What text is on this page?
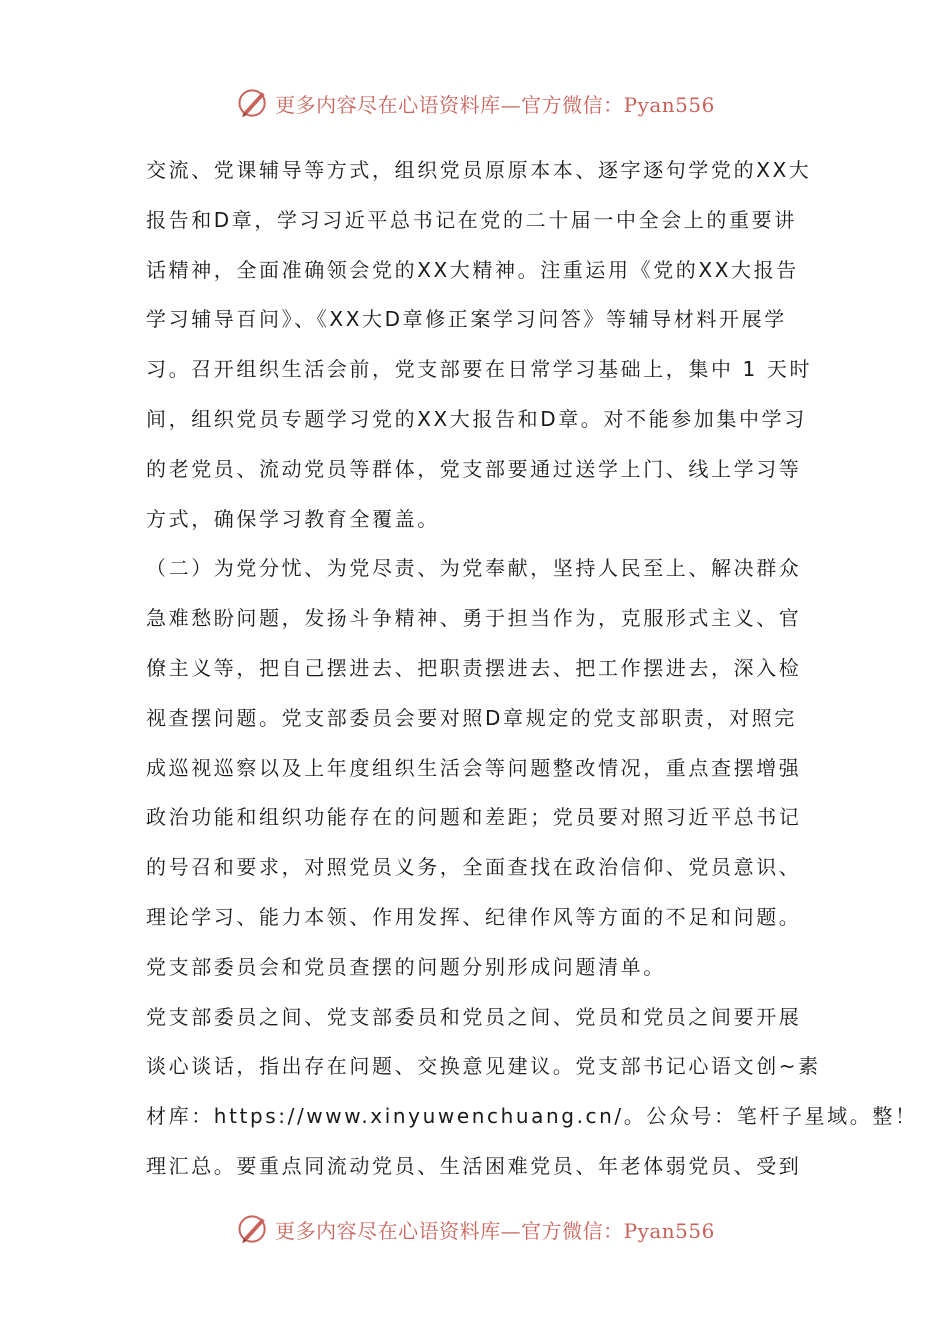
更多内容尽在心语资料库—官方微信：Pyan556
交流、党课辅导等方式，组织党员原原本本、逐字逐句学党的XX大
报告和D章，学习习近平总书记在党的二十届一中全会上的重要讲
话精神，全面准确领会党的XX大精神。注重运用《党的XX大报告
学习辅导百问》、《XX大D章修正案学习问答》等辅导材料开展学
习。召开组织生活会前，党支部要在日常学习基础上，集中 1 天时
间，组织党员专题学习党的XX大报告和D章。对不能参加集中学习
的老党员、流动党员等群体，党支部要通过送学上门、线上学习等
方式，确保学习教育全覆盖。
（二）为党分忧、为党尽责、为党奉献，坚持人民至上、解决群众
急难愁盼问题，发扬斗争精神、勇于担当作为，克服形式主义、官
僚主义等，把自己摆进去、把职责摆进去、把工作摆进去，深入检
视查摆问题。党支部委员会要对照D章规定的党支部职责，对照完
成巡视巡察以及上年度组织生活会等问题整改情况，重点查摆增强
政治功能和组织功能存在的问题和差距；党员要对照习近平总书记
的号召和要求，对照党员义务，全面查找在政治信仰、党员意识、
理论学习、能力本领、作用发挥、纪律作风等方面的不足和问题。
党支部委员会和党员查摆的问题分别形成问题清单。
党支部委员之间、党支部委员和党员之间、党员和党员之间要开展
谈心谈话，指出存在问题、交换意见建议。党支部书记心语文创~素
材库：https://www.xinyuwenchuang.cn/。公众号：笔杆子星域。整！
理汇总。要重点同流动党员、生活困难党员、年老体弱党员、受到
更多内容尽在心语资料库—官方微信：Pyan556
